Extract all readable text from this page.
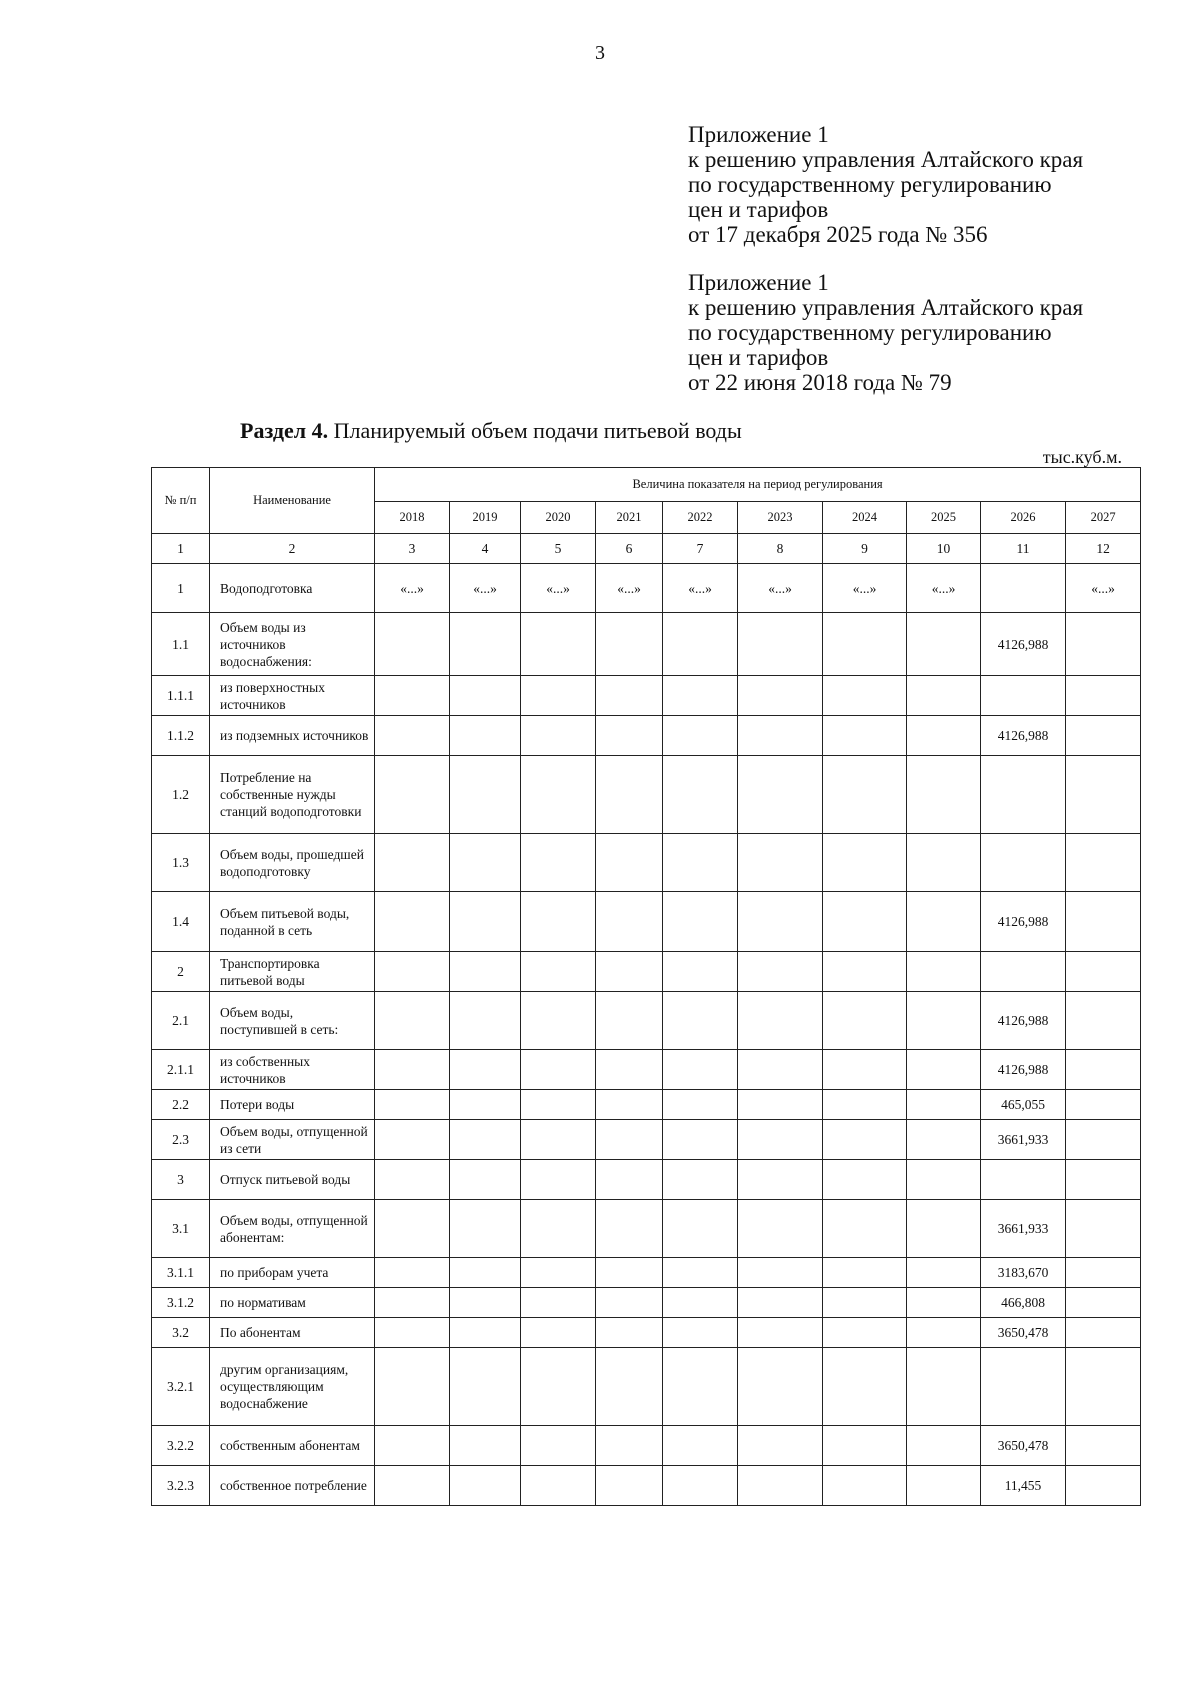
3
Приложение 1
к решению управления Алтайского края
по государственному регулированию
цен и тарифов
от 17 декабря 2025 года № 356
Приложение 1
к решению управления Алтайского края
по государственному регулированию
цен и тарифов
от 22 июня 2018 года № 79
Раздел 4. Планируемый объем подачи питьевой воды
тыс.куб.м.
№ п/п	Наименование	Величина показателя на период регулирования									
		2018	2019	2020	2021	2022	2023	2024	2025	2026	2027
1	2	3	4	5	6	7	8	9	10	11	12
1	Водоподготовка	«...»	«...»	«...»	«...»	«...»	«...»	«...»	«...»		«...»
1.1	Объем воды из источников водоснабжения:									4126,988	
1.1.1	из поверхностных источников										
1.1.2	из подземных источников									4126,988	
1.2	Потребление на собственные нужды станций водоподготовки										
1.3	Объем воды, прошедшей водоподготовку										
1.4	Объем питьевой воды, поданной в сеть									4126,988	
2	Транспортировка питьевой воды										
2.1	Объем воды, поступившей в сеть:									4126,988	
2.1.1	из собственных источников									4126,988	
2.2	Потери воды									465,055	
2.3	Объем воды, отпущенной из сети									3661,933	
3	Отпуск питьевой воды										
3.1	Объем воды, отпущенной абонентам:									3661,933	
3.1.1	по приборам учета									3183,670	
3.1.2	по нормативам									466,808	
3.2	По абонентам									3650,478	
3.2.1	другим организациям, осуществляющим водоснабжение										
3.2.2	собственным абонентам									3650,478	
3.2.3	собственное потребление									11,455	
